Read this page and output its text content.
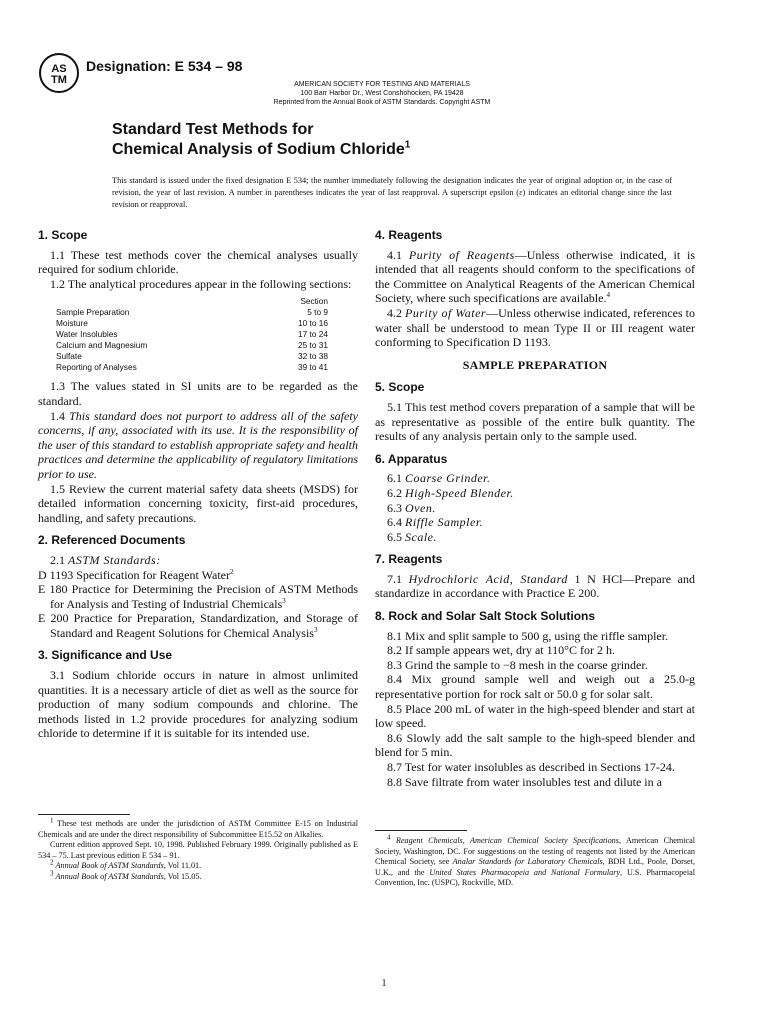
AS
TM
Designation: E 534 – 98
AMERICAN SOCIETY FOR TESTING AND MATERIALS
100 Barr Harbor Dr., West Conshohocken, PA 19428
Reprinted from the Annual Book of ASTM Standards. Copyright ASTM
Standard Test Methods for
Chemical Analysis of Sodium Chloride$^1$
This standard is issued under the fixed designation E 534; the number immediately following the designation indicates the year of original adoption or, in the case of revision, the year of last revision. A number in parentheses indicates the year of last reapproval. A superscript epsilon (ε) indicates an editorial change since the last revision or reapproval.
1. Scope

1.1 These test methods cover the chemical analyses usually required for sodium chloride.

1.2 The analytical procedures appear in the following sections:

	Section
Sample Preparation	5 to 9
Moisture	10 to 16
Water Insolubles	17 to 24
Calcium and Magnesium	25 to 31
Sulfate	32 to 38
Reporting of Analyses	39 to 41

1.3 The values stated in SI units are to be regarded as the standard.

1.4 This standard does not purport to address all of the safety concerns, if any, associated with its use. It is the responsibility of the user of this standard to establish appropriate safety and health practices and determine the applicability of regulatory limitations prior to use.

1.5 Review the current material safety data sheets (MSDS) for detailed information concerning toxicity, first-aid procedures, handling, and safety precautions.

2. Referenced Documents

2.1 ASTM Standards:

D 1193 Specification for Reagent Water$^2$

E 180 Practice for Determining the Precision of ASTM Methods for Analysis and Testing of Industrial Chemicals$^3$

E 200 Practice for Preparation, Standardization, and Storage of Standard and Reagent Solutions for Chemical Analysis$^3$

3. Significance and Use

3.1 Sodium chloride occurs in nature in almost unlimited quantities. It is a necessary article of diet as well as the source for production of many sodium compounds and chlorine. The methods listed in 1.2 provide procedures for analyzing sodium chloride to determine if it is suitable for its intended use.

$^1$ These test methods are under the jurisdiction of ASTM Committee E-15 on Industrial Chemicals and are under the direct responsibility of Subcommittee E15.52 on Alkalies.

Current edition approved Sept. 10, 1998. Published February 1999. Originally published as E 534 – 75. Last previous edition E 534 – 91.

$^2$ Annual Book of ASTM Standards, Vol 11.01.

$^3$ Annual Book of ASTM Standards, Vol 15.05.

4. Reagents

4.1 Purity of Reagents—Unless otherwise indicated, it is intended that all reagents should conform to the specifications of the Committee on Analytical Reagents of the American Chemical Society, where such specifications are available.$^4$

4.2 Purity of Water—Unless otherwise indicated, references to water shall be understood to mean Type II or III reagent water conforming to Specification D 1193.

SAMPLE PREPARATION
5. Scope

5.1 This test method covers preparation of a sample that will be as representative as possible of the entire bulk quantity. The results of any analysis pertain only to the sample used.

6. Apparatus

6.1 Coarse Grinder.

6.2 High-Speed Blender.

6.3 Oven.

6.4 Riffle Sampler.

6.5 Scale.

7. Reagents

7.1 Hydrochloric Acid, Standard 1 N HCl—Prepare and standardize in accordance with Practice E 200.

8. Rock and Solar Salt Stock Solutions

8.1 Mix and split sample to 500 g, using the riffle sampler.

8.2 If sample appears wet, dry at 110°C for 2 h.

8.3 Grind the sample to −8 mesh in the coarse grinder.

8.4 Mix ground sample well and weigh out a 25.0-g representative portion for rock salt or 50.0 g for solar salt.

8.5 Place 200 mL of water in the high-speed blender and start at low speed.

8.6 Slowly add the salt sample to the high-speed blender and blend for 5 min.

8.7 Test for water insolubles as described in Sections 17-24.

8.8 Save filtrate from water insolubles test and dilute in a

$^4$ Reagent Chemicals, American Chemical Society Specifications, American Chemical Society, Washington, DC. For suggestions on the testing of reagents not listed by the American Chemical Society, see Analar Standards for Laboratory Chemicals, BDH Ltd., Poole, Dorset, U.K., and the United States Pharmacopeia and National Formulary, U.S. Pharmacopeial Convention, Inc. (USPC), Rockville, MD.

1
